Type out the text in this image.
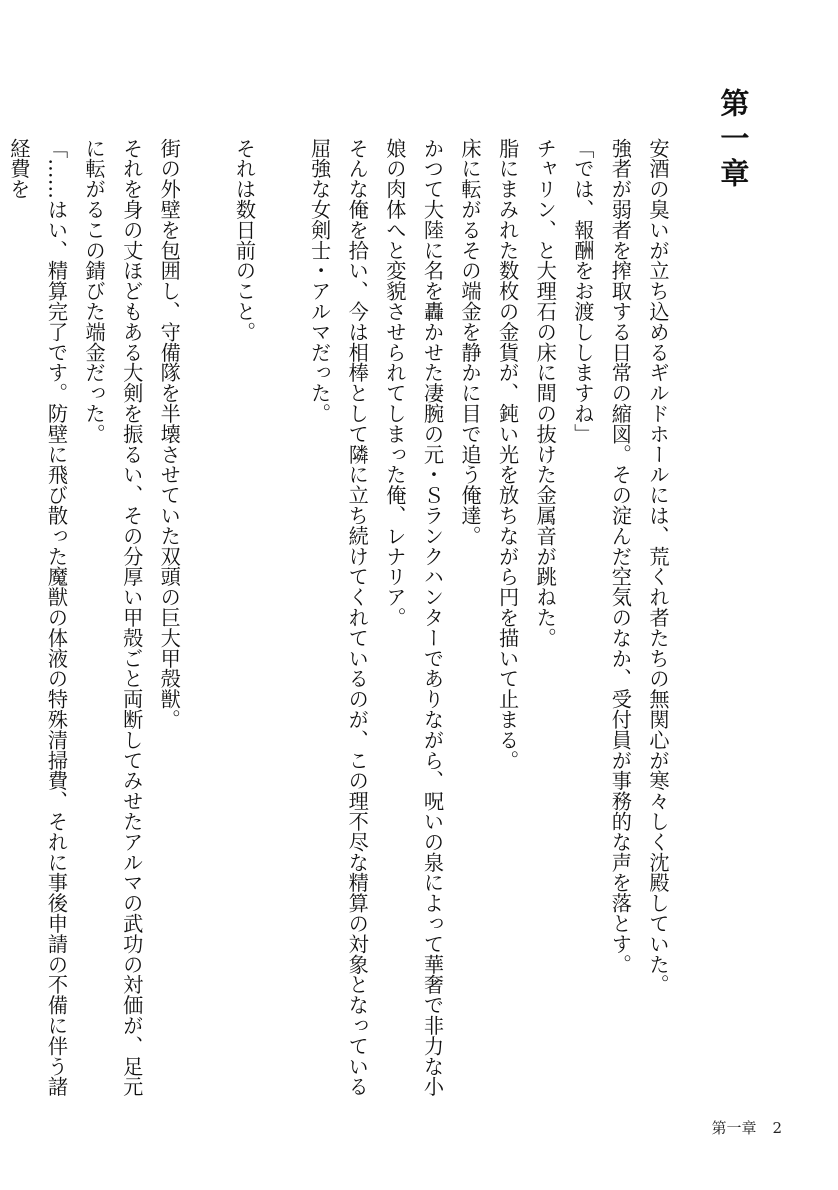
第一章

安酒の臭いが立ち込めるギルドホールには、荒くれ者たちの無関心が寒々しく沈殿していた。

強者が弱者を搾取する日常の縮図。その淀んだ空気のなか、受付員が事務的な声を落とす。

「では、報酬をお渡ししますね」

チャリン、と大理石の床に間の抜けた金属音が跳ねた。

脂にまみれた数枚の金貨が、鈍い光を放ちながら円を描いて止まる。

床に転がるその端金を静かに目で追う俺達。

かつて大陸に名を轟かせた凄腕の元・Ｓランクハンターでありながら、呪いの泉によって華奢で非力な小娘の肉体へと変貌させられてしまった俺、レナリア。

そんな俺を拾い、今は相棒として隣に立ち続けてくれているのが、この理不尽な精算の対象となっている屈強な女剣士・アルマだった。

それは数日前のこと。

街の外壁を包囲し、守備隊を半壊させていた双頭の巨大甲殻獣。

それを身の丈ほどもある大剣を振るい、その分厚い甲殻ごと両断してみせたアルマの武功の対価が、足元に転がるこの錆びた端金だった。

「……はい、精算完了です。防壁に飛び散った魔獣の体液の特殊清掃費、それに事後申請の不備に伴う諸経費を

第一章 2
